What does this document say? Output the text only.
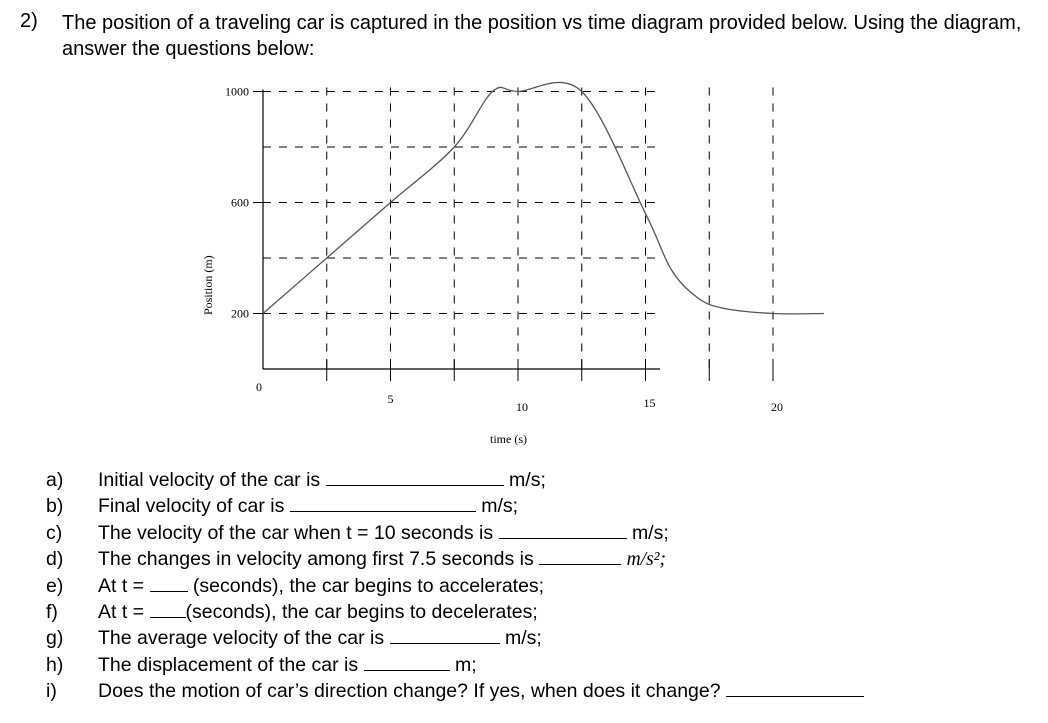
2) The position of a traveling car is captured in the position vs time diagram provided below. Using the diagram, answer the questions below:
200
600
1000
0
5
10	15	20
Position (m)
time (s)
a) Initial velocity of the car is	m/s;
b) Final velocity of car is	m/s;
c) The velocity of the car when t = 10 seconds is	m/s;
d) The changes in velocity among first 7.5 seconds is	m/s²;
e) At t =	(seconds), the car begins to accelerates;
f) At t = (seconds), the car begins to decelerates;
g) The average velocity of the car is	m/s;
h) The displacement of the car is	m;
i) Does the motion of car’s direction change? If yes, when does it change?
